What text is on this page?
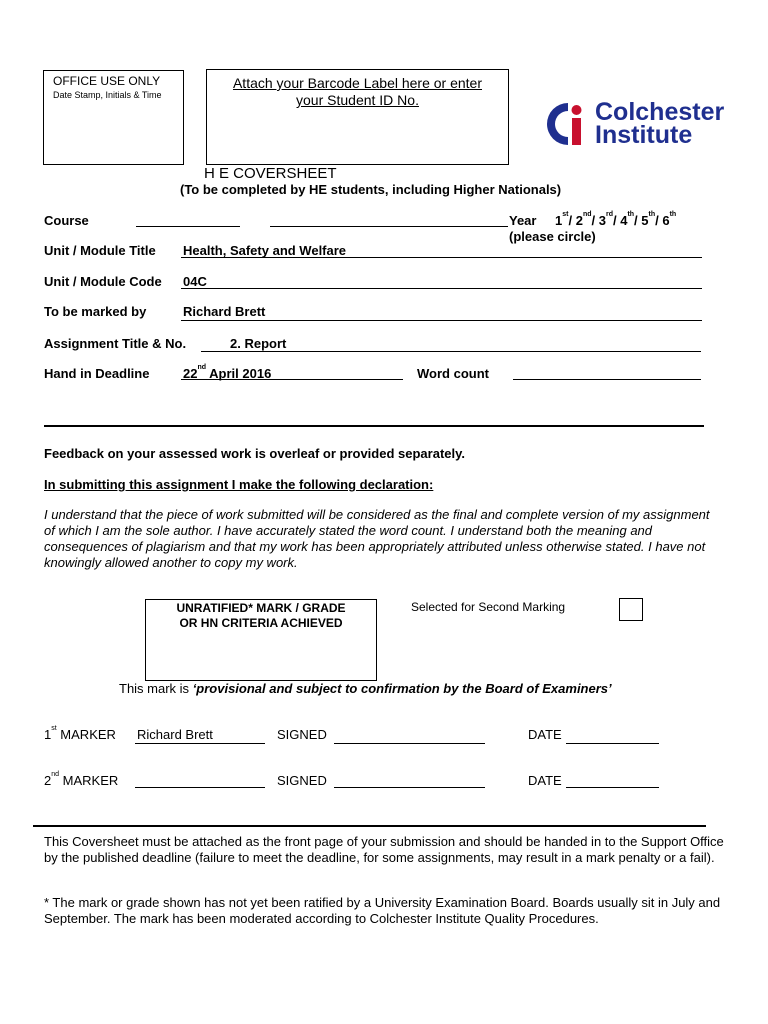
OFFICE USE ONLY
Date Stamp, Initials & Time
Attach your Barcode Label here or enter
your Student ID No.	Colchester
Institute
H E COVERSHEET
(To be completed by HE students, including Higher Nationals)
Course	Year 1st/ 2nd/ 3rd/ 4th/ 5th/ 6th
(please circle)
Unit / Module Title Health, Safety and Welfare
Unit / Module Code 04C
To be marked by	Richard Brett
Assignment Title & No.	2. Report
Hand in Deadline	22nd April 2016	Word count
Feedback on your assessed work is overleaf or provided separately.
In submitting this assignment I make the following declaration:
I understand that the piece of work submitted will be considered as the final and complete version of my assignment of which I am the sole author. I have accurately stated the word count. I understand both the meaning and consequences of plagiarism and that my work has been appropriately attributed unless otherwise stated. I have not knowingly allowed another to copy my work.
UNRATIFIED* MARK / GRADE
OR HN CRITERIA ACHIEVED
Selected for Second Marking
This mark is ‘provisional and subject to confirmation by the Board of Examiners’
1st MARKER Richard Brett	SIGNED	DATE
2nd MARKER	SIGNED	DATE
This Coversheet must be attached as the front page of your submission and should be handed in to the Support Office by the published deadline (failure to meet the deadline, for some assignments, may result in a mark penalty or a fail).
* The mark or grade shown has not yet been ratified by a University Examination Board. Boards usually sit in July and September. The mark has been moderated according to Colchester Institute Quality Procedures.
